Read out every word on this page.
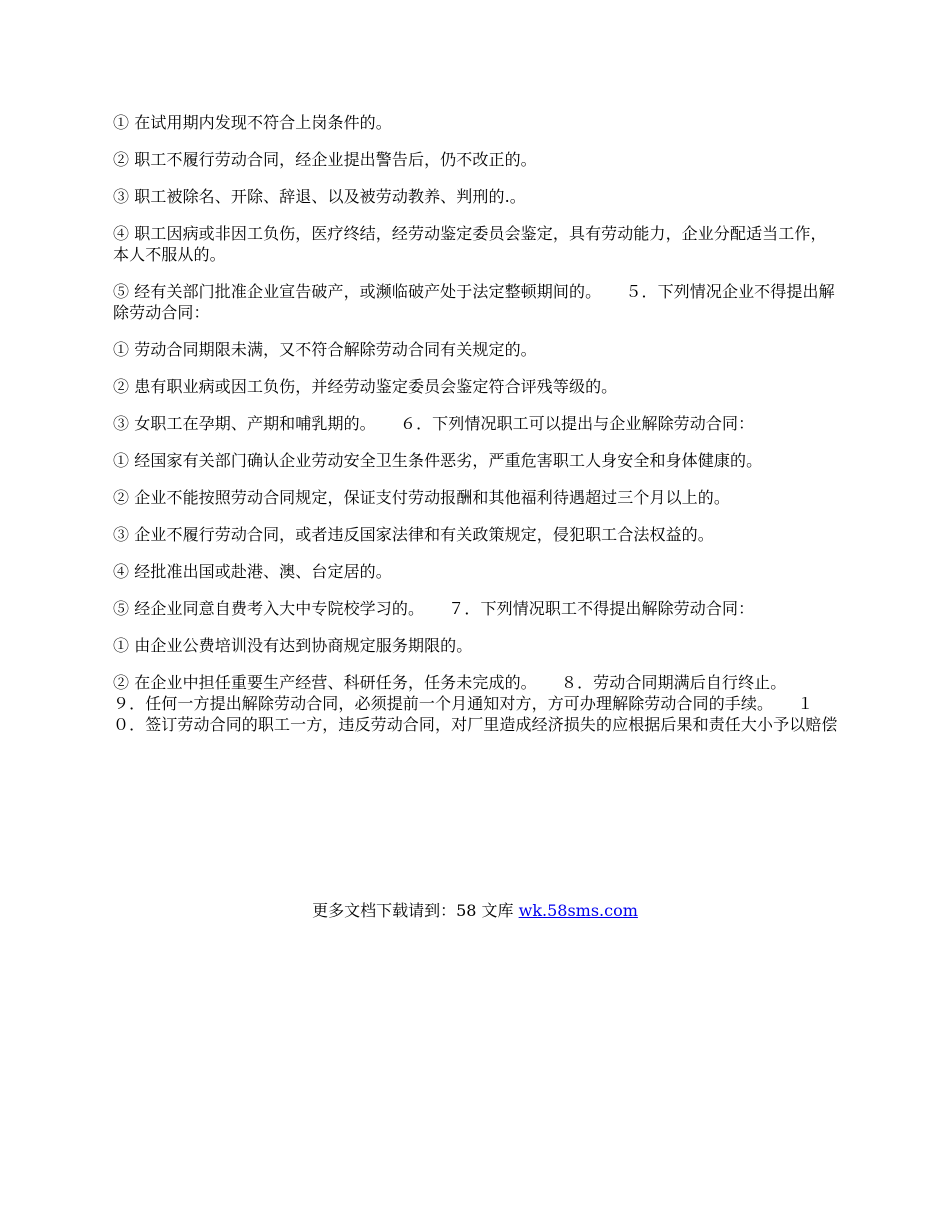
① 在试用期内发现不符合上岗条件的。

② 职工不履行劳动合同，经企业提出警告后，仍不改正的。

③ 职工被除名、开除、辞退、以及被劳动教养、判刑的.。

④ 职工因病或非因工负伤，医疗终结，经劳动鉴定委员会鉴定，具有劳动能力，企业分配适当工作，本人不服从的。

⑤ 经有关部门批准企业宣告破产，或濒临破产处于法定整顿期间的。　　５．下列情况企业不得提出解除劳动合同：

① 劳动合同期限未满，又不符合解除劳动合同有关规定的。

② 患有职业病或因工负伤，并经劳动鉴定委员会鉴定符合评残等级的。

③ 女职工在孕期、产期和哺乳期的。　　６．下列情况职工可以提出与企业解除劳动合同：

① 经国家有关部门确认企业劳动安全卫生条件恶劣，严重危害职工人身安全和身体健康的。

② 企业不能按照劳动合同规定，保证支付劳动报酬和其他福利待遇超过三个月以上的。

③ 企业不履行劳动合同，或者违反国家法律和有关政策规定，侵犯职工合法权益的。

④ 经批准出国或赴港、澳、台定居的。

⑤ 经企业同意自费考入大中专院校学习的。　　７．下列情况职工不得提出解除劳动合同：

① 由企业公费培训没有达到协商规定服务期限的。

② 在企业中担任重要生产经营、科研任务，任务未完成的。　　８．劳动合同期满后自行终止。　　９．任何一方提出解除劳动合同，必须提前一个月通知对方，方可办理解除劳动合同的手续。　　１０．签订劳动合同的职工一方，违反劳动合同，对厂里造成经济损失的应根据后果和责任大小予以赔偿

更多文档下载请到：58 文库 wk.58sms.com
